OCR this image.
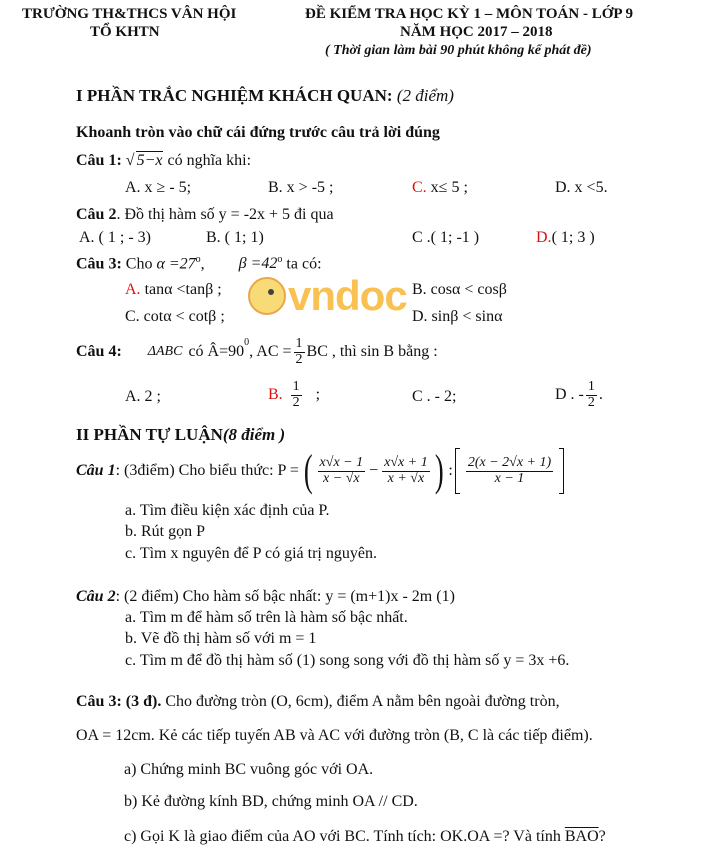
TRƯỜNG TH&THCS VÂN HỘI
TỔ KHTN
ĐỀ KIỂM TRA HỌC KỲ 1 – MÔN TOÁN - LỚP 9
NĂM HỌC 2017 – 2018
( Thời gian làm bài 90 phút không kể phát đề)
I PHẦN TRẮC NGHIỆM KHÁCH QUAN: (2 điểm)
Khoanh tròn vào chữ cái đứng trước câu trả lời đúng
Câu 1: √ 5−x có nghĩa khi:
A. x ≥ - 5;	B. x > -5 ;	C. x≤ 5 ;	D. x <5.
Câu 2. Đồ thị hàm số y = -2x + 5 đi qua
A. ( 1 ; - 3)	B. ( 1; 1)	C .( 1; -1 )	D.( 1; 3 )
Câu 3: Cho $\alpha =27^o$, $\beta =42^o$ ta có:
A. tanα <tanβ ;	B. cosα < cosβ
C. cotα < cotβ ;	D. sinβ < sinα
vndoc
Câu 4: ΔABC có Â=90
$^0$
, AC = $\frac{1}{2}$ BC , thì sin B bằng :
A. 2 ;	B. $\frac{1}{2}$ ;	C . - 2;	D . - $\frac{1}{2}$ .
II PHẦN TỰ LUẬN(8 điểm )
Câu 1 : (3điểm) Cho biểu thức: P = ( $\frac{x√x - 1}{x - √x} - \frac{x√x + 1}{x + √x}$ ) : $\frac{2(x - 2√x + 1)}{x - 1}$
a. Tìm điều kiện xác định của P.
b. Rút gọn P
c. Tìm x nguyên để P có giá trị nguyên.
Câu 2: (2 điểm) Cho hàm số bậc nhất: y = (m+1)x - 2m (1)
a. Tìm m để hàm số trên là hàm số bậc nhất.
b. Vẽ đồ thị hàm số với m = 1
c. Tìm m để đồ thị hàm số (1) song song với đồ thị hàm số y = 3x +6.
Câu 3: (3 đ). Cho đường tròn (O, 6cm), điểm A nằm bên ngoài đường tròn,
OA = 12cm. Kẻ các tiếp tuyến AB và AC với đường tròn (B, C là các tiếp điểm).
a) Chứng minh BC vuông góc với OA.
b) Kẻ đường kính BD, chứng minh OA // CD.
c) Gọi K là giao điểm của AO với BC. Tính tích: OK.OA =? Và tính $\overline{BAO}$?
